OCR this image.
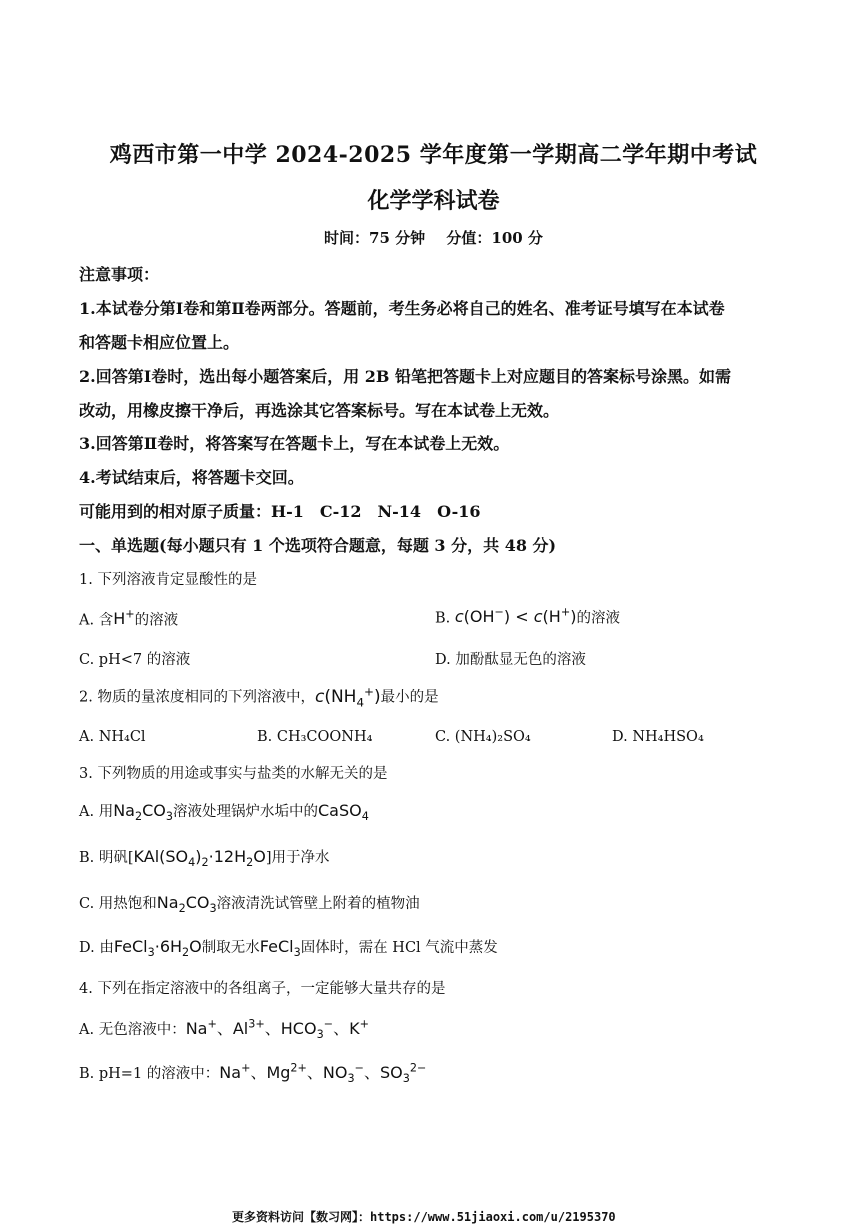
鸡西市第一中学 2024-2025 学年度第一学期高二学年期中考试
化学学科试卷
时间：75 分钟 分值：100 分
注意事项：
1.本试卷分第Ⅰ卷和第Ⅱ卷两部分。答题前，考生务必将自己的姓名、准考证号填写在本试卷
和答题卡相应位置上。
2.回答第Ⅰ卷时，选出每小题答案后，用 2B 铅笔把答题卡上对应题目的答案标号涂黑。如需
改动，用橡皮擦干净后，再选涂其它答案标号。写在本试卷上无效。
3.回答第Ⅱ卷时，将答案写在答题卡上，写在本试卷上无效。
4.考试结束后，将答题卡交回。
可能用到的相对原子质量：H-1　C-12　N-14　O-16
一、单选题(每小题只有 1 个选项符合题意，每题 3 分，共 48 分)
1. 下列溶液肯定显酸性的是
A. 含H+的溶液	B. c(OH−) < c(H+)的溶液
C. pH<7 的溶液	D. 加酚酞显无色的溶液
2. 物质的量浓度相同的下列溶液中，$c(NH_4^+)$最小的是
A. NH₄Cl	B. CH₃COONH₄	C. (NH₄)₂SO₄	D. NH₄HSO₄
3. 下列物质的用途或事实与盐类的水解无关的是
A. 用$Na_2CO_3$溶液处理锅炉水垢中的CaSO$_4$
B. 明矾$[KAl(SO_4)_2\cdot 12H_2O]$用于净水
C. 用热饱和$Na_2CO_3$溶液清洗试管壁上附着的植物油
D. 由$FeCl_3\cdot 6H_2O$制取无水FeCl$_3$固体时，需在 HCl 气流中蒸发
4. 下列在指定溶液中的各组离子，一定能够大量共存的是
A. 无色溶液中：Na+、$Al^{3+}$、$HCO_3^-$、K+
B. pH=1 的溶液中：Na+、$Mg^{2+}$、$NO_3^-$、$SO_3^{2-}$
更多资料访问【数习网】：https://www.51jiaoxi.com/u/2195370
